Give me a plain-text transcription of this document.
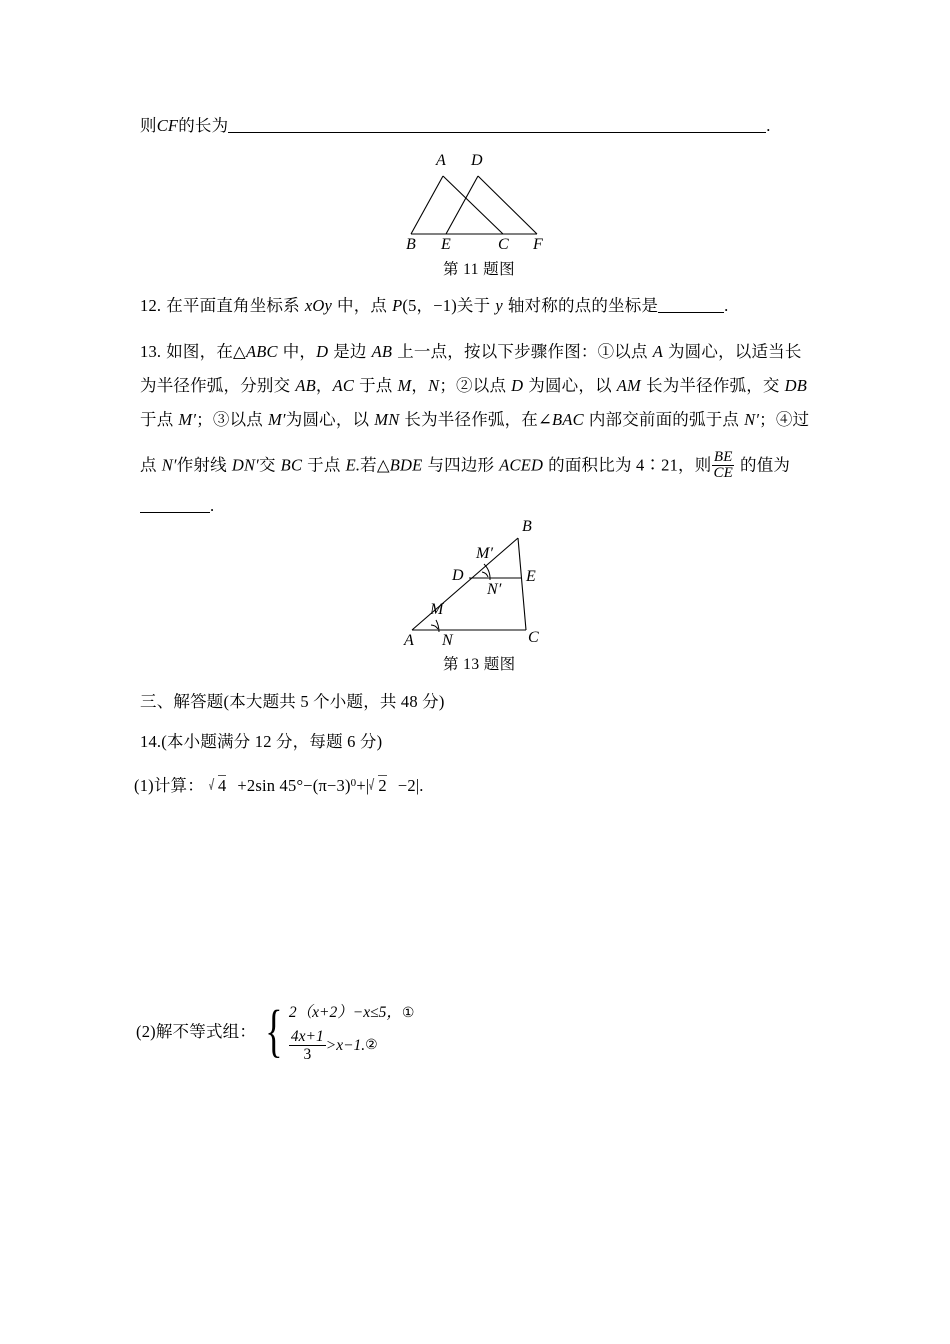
则CF的长为	.
A D
B E	C F
第 11 题图
12. 在平面直角坐标系 xOy 中，点 P(5，−1)关于 y 轴对称的点的坐标是	.
13. 如图，在△ABC 中，D 是边 AB 上一点，按以下步骤作图：①以点 A 为圆心，以适当长
为半径作弧，分别交 AB，AC 于点 M，N；②以点 D 为圆心，以 AM 长为半径作弧，交 DB
于点 M′；③以点 M′为圆心，以 MN 长为半径作弧，在∠BAC 内部交前面的弧于点 N′；④过
点 N′作射线 DN′交 BC 于点 E.若△BDE 与四边形 ACED 的面积比为 4∶21，则 $\frac{BE}{CE}$ 的值为
.
B
M′
D	E
N′
M
A N	C
第 13 题图
三、解答题(本大题共 5 个小题，共 48 分)
14.(本小题满分 12 分，每题 6 分)
(1)计算： 4 +2sin $45^\circ-(\pi-3)^0+|$ 2 −2|.
(2)解不等式组： { 2（x+2）−x≤5，①
$\frac{4x+1}{3} >x-1$. ②
